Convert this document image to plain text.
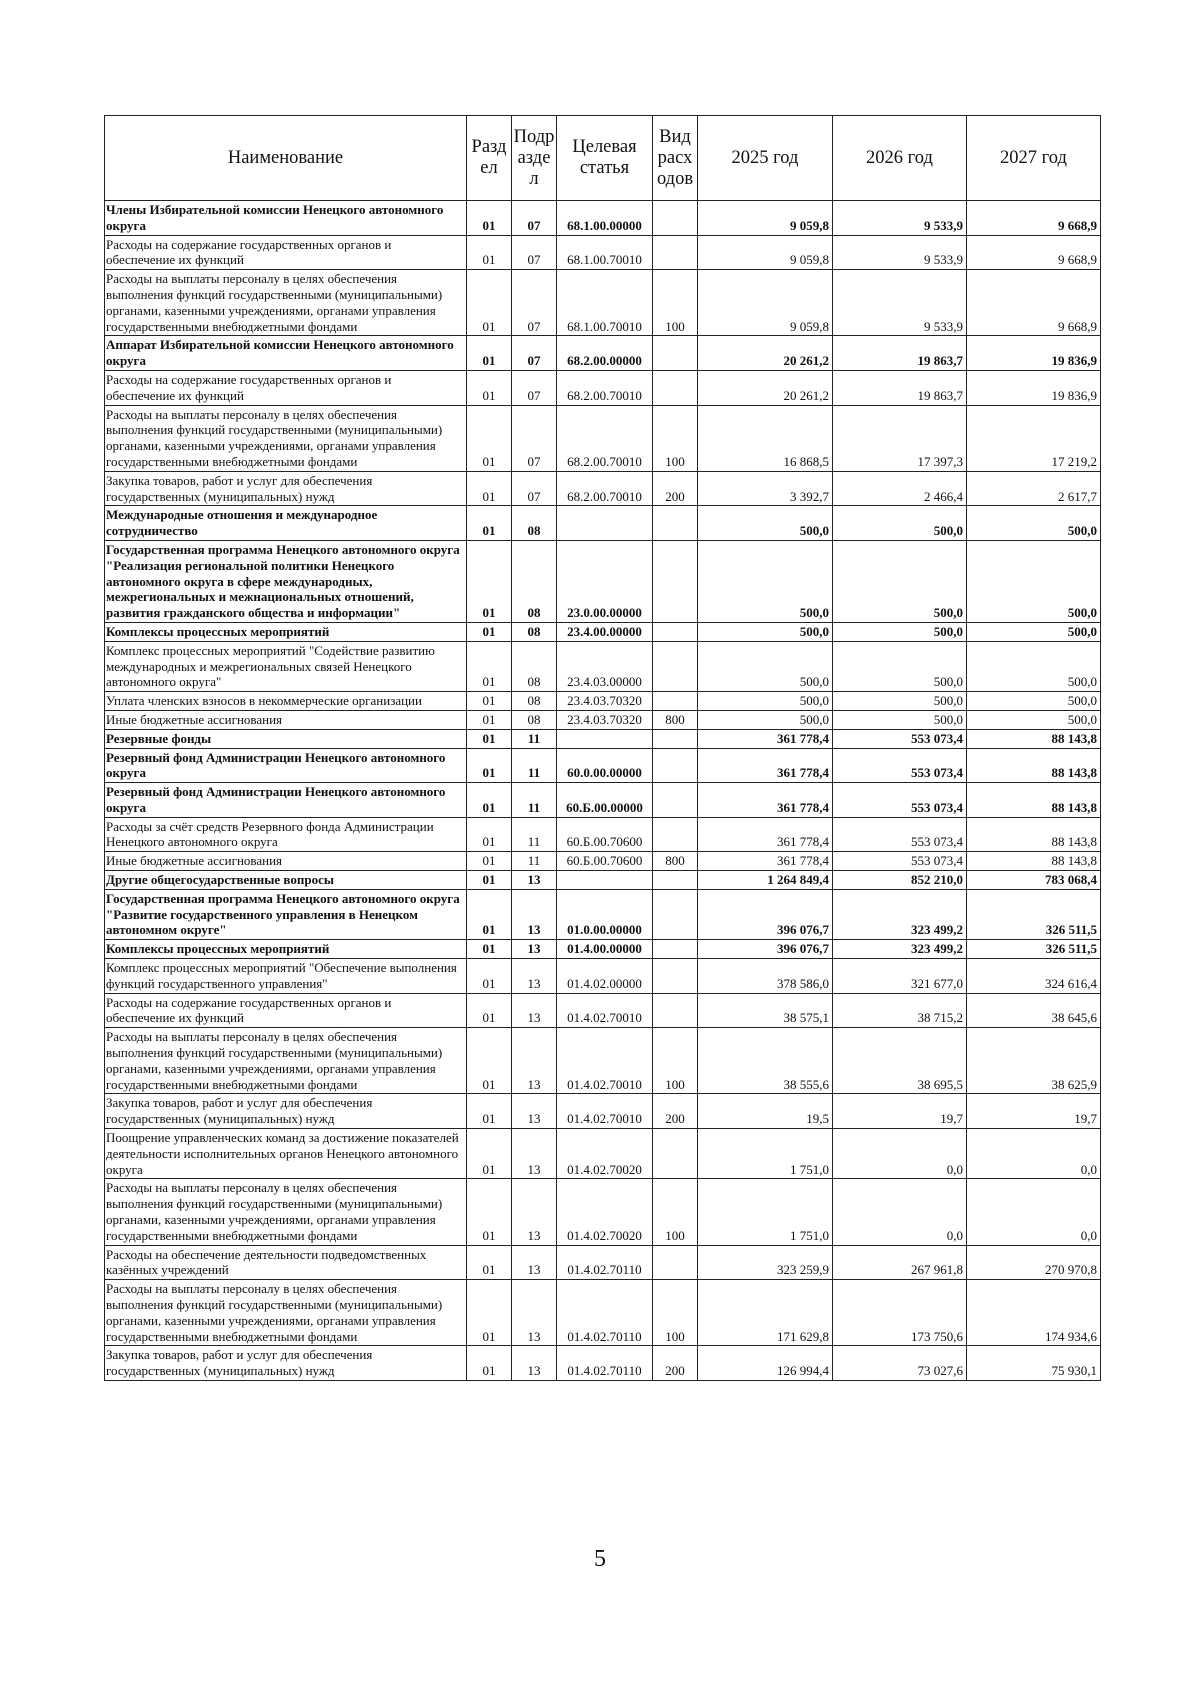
Наименование	Разд ел	Подр азде л	Целевая статья	Вид расх одов	2025 год	2026 год	2027 год
Члены Избирательной комиссии Ненецкого автономного округа	01	07	68.1.00.00000		9 059,8	9 533,9	9 668,9
Расходы на содержание государственных органов и обеспечение их функций	01	07	68.1.00.70010		9 059,8	9 533,9	9 668,9
Расходы на выплаты персоналу в целях обеспечения выполнения функций государственными (муниципальными) органами, казенными учреждениями, органами управления государственными внебюджетными фондами	01	07	68.1.00.70010	100	9 059,8	9 533,9	9 668,9
Аппарат Избирательной комиссии Ненецкого автономного округа	01	07	68.2.00.00000		20 261,2	19 863,7	19 836,9
Расходы на содержание государственных органов и обеспечение их функций	01	07	68.2.00.70010		20 261,2	19 863,7	19 836,9
Расходы на выплаты персоналу в целях обеспечения выполнения функций государственными (муниципальными) органами, казенными учреждениями, органами управления государственными внебюджетными фондами	01	07	68.2.00.70010	100	16 868,5	17 397,3	17 219,2
Закупка товаров, работ и услуг для обеспечения государственных (муниципальных) нужд	01	07	68.2.00.70010	200	3 392,7	2 466,4	2 617,7
Международные отношения и международное сотрудничество	01	08			500,0	500,0	500,0
Государственная программа Ненецкого автономного округа "Реализация региональной политики Ненецкого автономного округа в сфере международных, межрегиональных и межнациональных отношений, развития гражданского общества и информации"	01	08	23.0.00.00000		500,0	500,0	500,0
Комплексы процессных мероприятий	01	08	23.4.00.00000		500,0	500,0	500,0
Комплекс процессных мероприятий "Содействие развитию международных и межрегиональных связей Ненецкого автономного округа"	01	08	23.4.03.00000		500,0	500,0	500,0
Уплата членских взносов в некоммерческие организации	01	08	23.4.03.70320		500,0	500,0	500,0
Иные бюджетные ассигнования	01	08	23.4.03.70320	800	500,0	500,0	500,0
Резервные фонды	01	11			361 778,4	553 073,4	88 143,8
Резервный фонд Администрации Ненецкого автономного округа	01	11	60.0.00.00000		361 778,4	553 073,4	88 143,8
Резервный фонд Администрации Ненецкого автономного округа	01	11	60.Б.00.00000		361 778,4	553 073,4	88 143,8
Расходы за счёт средств Резервного фонда Администрации Ненецкого автономного округа	01	11	60.Б.00.70600		361 778,4	553 073,4	88 143,8
Иные бюджетные ассигнования	01	11	60.Б.00.70600	800	361 778,4	553 073,4	88 143,8
Другие общегосударственные вопросы	01	13			1 264 849,4	852 210,0	783 068,4
Государственная программа Ненецкого автономного округа "Развитие государственного управления в Ненецком автономном округе"	01	13	01.0.00.00000		396 076,7	323 499,2	326 511,5
Комплексы процессных мероприятий	01	13	01.4.00.00000		396 076,7	323 499,2	326 511,5
Комплекс процессных мероприятий "Обеспечение выполнения функций государственного управления"	01	13	01.4.02.00000		378 586,0	321 677,0	324 616,4
Расходы на содержание государственных органов и обеспечение их функций	01	13	01.4.02.70010		38 575,1	38 715,2	38 645,6
Расходы на выплаты персоналу в целях обеспечения выполнения функций государственными (муниципальными) органами, казенными учреждениями, органами управления государственными внебюджетными фондами	01	13	01.4.02.70010	100	38 555,6	38 695,5	38 625,9
Закупка товаров, работ и услуг для обеспечения государственных (муниципальных) нужд	01	13	01.4.02.70010	200	19,5	19,7	19,7
Поощрение управленческих команд за достижение показателей деятельности исполнительных органов Ненецкого автономного округа	01	13	01.4.02.70020		1 751,0	0,0	0,0
Расходы на выплаты персоналу в целях обеспечения выполнения функций государственными (муниципальными) органами, казенными учреждениями, органами управления государственными внебюджетными фондами	01	13	01.4.02.70020	100	1 751,0	0,0	0,0
Расходы на обеспечение деятельности подведомственных казённых учреждений	01	13	01.4.02.70110		323 259,9	267 961,8	270 970,8
Расходы на выплаты персоналу в целях обеспечения выполнения функций государственными (муниципальными) органами, казенными учреждениями, органами управления государственными внебюджетными фондами	01	13	01.4.02.70110	100	171 629,8	173 750,6	174 934,6
Закупка товаров, работ и услуг для обеспечения государственных (муниципальных) нужд	01	13	01.4.02.70110	200	126 994,4	73 027,6	75 930,1
5
